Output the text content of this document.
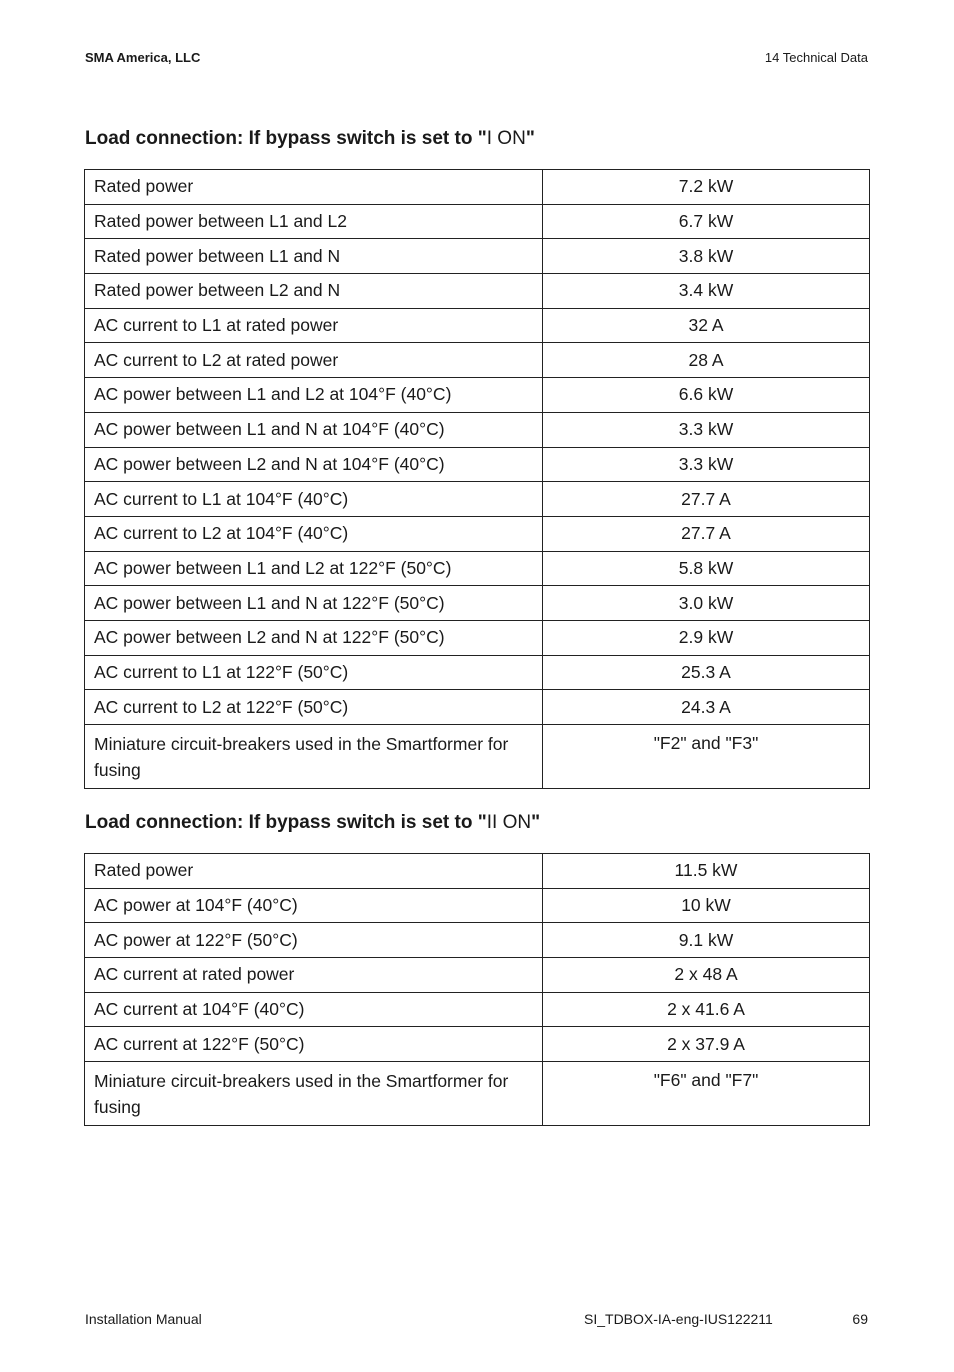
SMA America, LLC	14 Technical Data
Load connection: If bypass switch is set to "I ON"
Rated power	7.2 kW
Rated power between L1 and L2	6.7 kW
Rated power between L1 and N	3.8 kW
Rated power between L2 and N	3.4 kW
AC current to L1 at rated power	32 A
AC current to L2 at rated power	28 A
AC power between L1 and L2 at 104°F (40°C)	6.6 kW
AC power between L1 and N at 104°F (40°C)	3.3 kW
AC power between L2 and N at 104°F (40°C)	3.3 kW
AC current to L1 at 104°F (40°C)	27.7 A
AC current to L2 at 104°F (40°C)	27.7 A
AC power between L1 and L2 at 122°F (50°C)	5.8 kW
AC power between L1 and N at 122°F (50°C)	3.0 kW
AC power between L2 and N at 122°F (50°C)	2.9 kW
AC current to L1 at 122°F (50°C)	25.3 A
AC current to L2 at 122°F (50°C)	24.3 A
Miniature circuit-breakers used in the Smartformer for fusing	"F2" and "F3"
Load connection: If bypass switch is set to "II ON"
Rated power	11.5 kW
AC power at 104°F (40°C)	10 kW
AC power at 122°F (50°C)	9.1 kW
AC current at rated power	2 x 48 A
AC current at 104°F (40°C)	2 x 41.6 A
AC current at 122°F (50°C)	2 x 37.9 A
Miniature circuit-breakers used in the Smartformer for fusing	"F6" and "F7"
Installation Manual	SI_TDBOX-IA-eng-IUS122211	69
